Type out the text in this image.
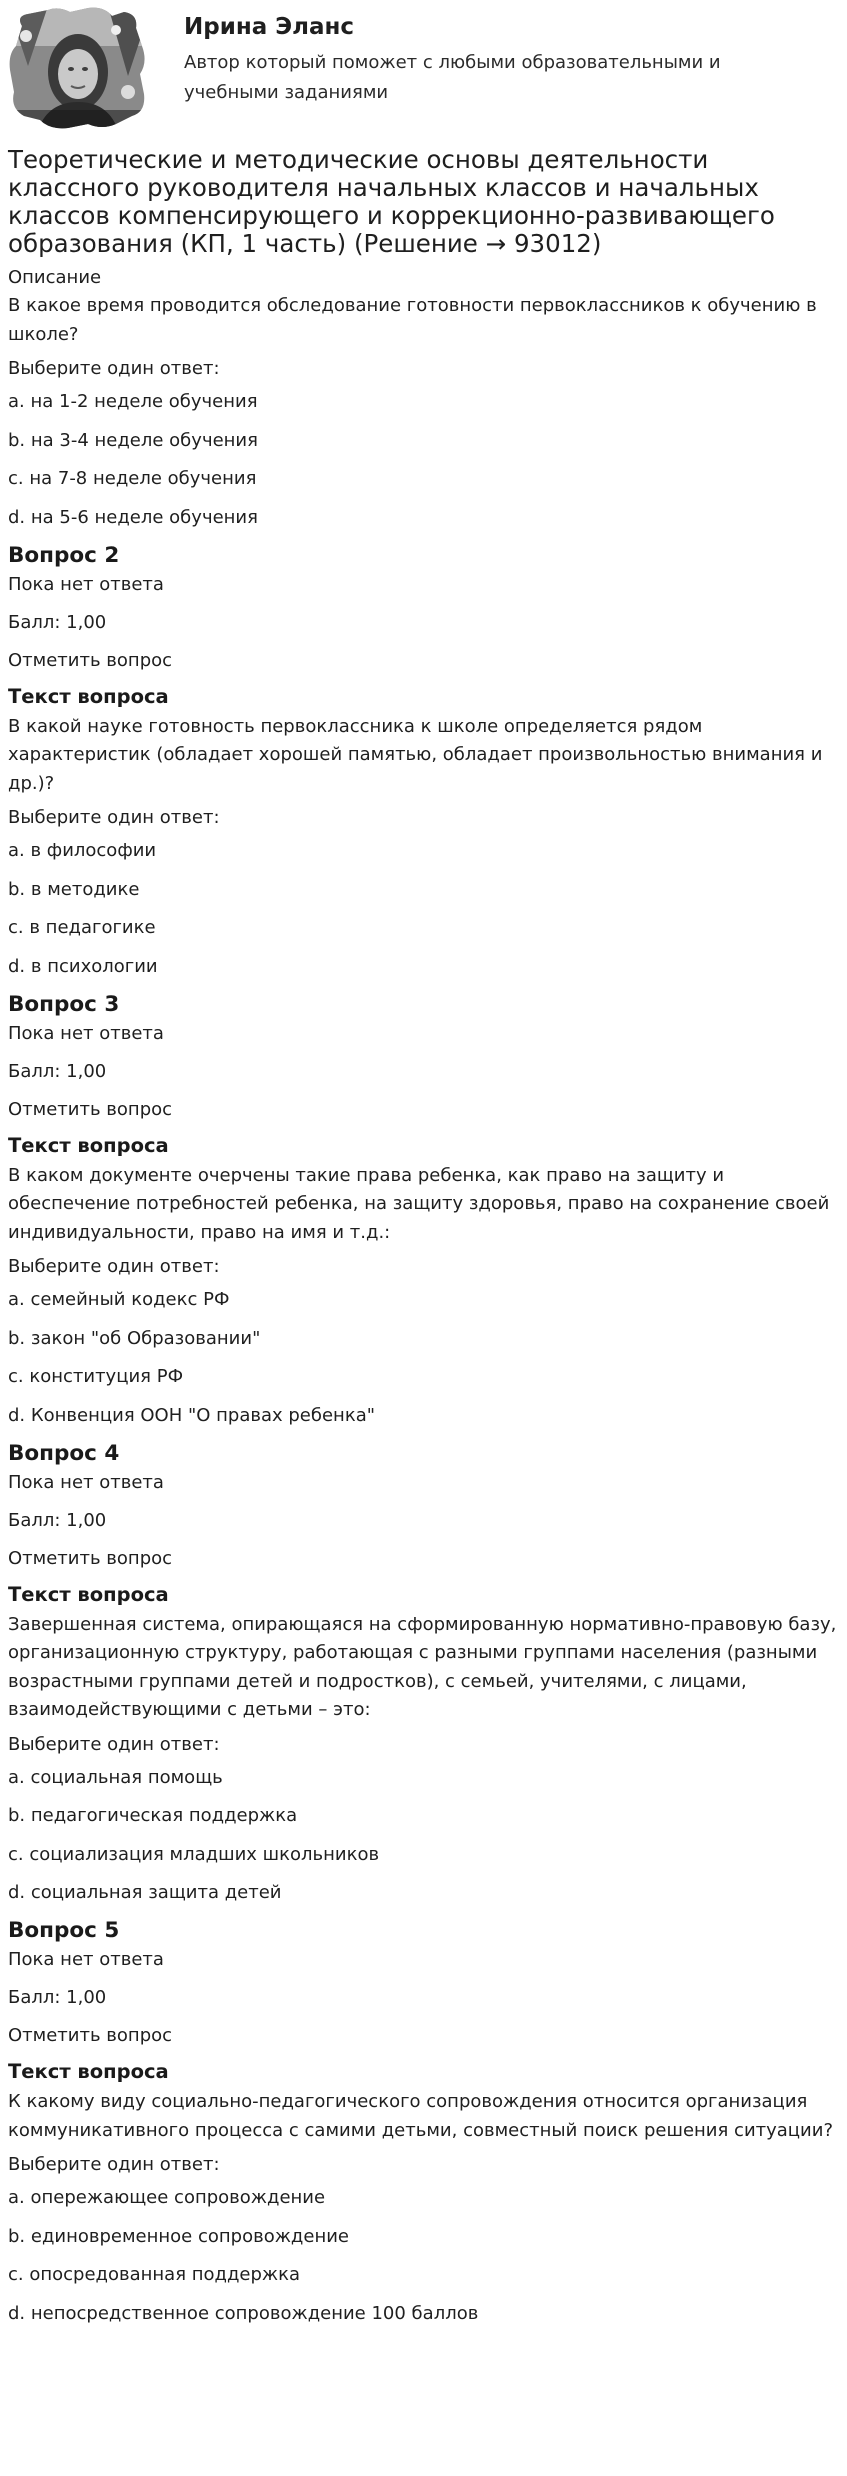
Ирина Эланс
Автор который поможет с любыми образовательными и учебными заданиями
Теоретические и методические основы деятельности классного руководителя начальных классов и начальных классов компенсирующего и коррекционно-развивающего образования (КП, 1 часть) (Решение → 93012)
Описание
В какое время проводится обследование готовности первоклассников к обучению в школе?
Выберите один ответ:
a. на 1-2 неделе обучения
b. на 3-4 неделе обучения
c. на 7-8 неделе обучения
d. на 5-6 неделе обучения
Вопрос 2
Пока нет ответа
Балл: 1,00
Отметить вопрос
Текст вопроса
В какой науке готовность первоклассника к школе определяется рядом характеристик (обладает хорошей памятью, обладает произвольностью внимания и др.)?
Выберите один ответ:
a. в философии
b. в методике
c. в педагогике
d. в психологии
Вопрос 3
Пока нет ответа
Балл: 1,00
Отметить вопрос
Текст вопроса
В каком документе очерчены такие права ребенка, как право на защиту и обеспечение потребностей ребенка, на защиту здоровья, право на сохранение своей индивидуальности, право на имя и т.д.:
Выберите один ответ:
a. семейный кодекс РФ
b. закон "об Образовании"
c. конституция РФ
d. Конвенция ООН "О правах ребенка"
Вопрос 4
Пока нет ответа
Балл: 1,00
Отметить вопрос
Текст вопроса
Завершенная система, опирающаяся на сформированную нормативно-правовую базу, организационную структуру, работающая с разными группами населения (разными возрастными группами детей и подростков), с семьей, учителями, с лицами, взаимодействующими с детьми – это:
Выберите один ответ:
a. социальная помощь
b. педагогическая поддержка
c. социализация младших школьников
d. социальная защита детей
Вопрос 5
Пока нет ответа
Балл: 1,00
Отметить вопрос
Текст вопроса
К какому виду социально-педагогического сопровождения относится организация коммуникативного процесса с самими детьми, совместный поиск решения ситуации?
Выберите один ответ:
a. опережающее сопровождение
b. единовременное сопровождение
c. опосредованная поддержка
d. непосредственное сопровождение 100 баллов
